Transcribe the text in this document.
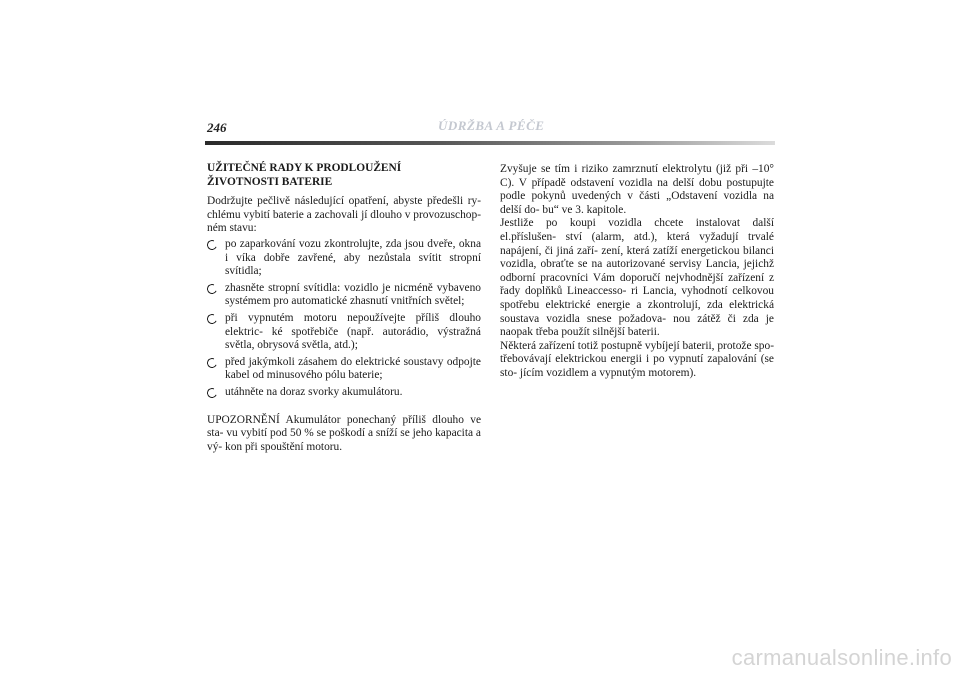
246	ÚDRŽBA A PÉČE
UŽITEČNÉ RADY K PRODLOUŽENÍ
ŽIVOTNOSTI BATERIE

Dodržujte pečlivě následující opatření, abyste předešli ry- chlému vybití baterie a zachovali jí dlouho v provozuschop- ném stavu:

po zaparkování vozu zkontrolujte, zda jsou dveře, okna i víka dobře zavřené, aby nezůstala svítit stropní svítidla;
zhasněte stropní svítidla: vozidlo je nicméně vybaveno systémem pro automatické zhasnutí vnitřních světel;
při vypnutém motoru nepoužívejte příliš dlouho elektric- ké spotřebiče (např. autorádio, výstražná světla, obrysová světla, atd.);
před jakýmkoli zásahem do elektrické soustavy odpojte kabel od minusového pólu baterie;
utáhněte na doraz svorky akumulátoru.

UPOZORNĚNÍ Akumulátor ponechaný příliš dlouho ve sta- vu vybití pod 50 % se poškodí a sníží se jeho kapacita a vý- kon při spouštění motoru.

Zvyšuje se tím i riziko zamrznutí elektrolytu (již při –10° C). V případě odstavení vozidla na delší dobu postupujte podle pokynů uvedených v části „Odstavení vozidla na delší do- bu“ ve 3. kapitole.

Jestliže po koupi vozidla chcete instalovat další el.příslušen- ství (alarm, atd.), která vyžadují trvalé napájení, či jiná zaří- zení, která zatíží energetickou bilanci vozidla, obraťte se na autorizované servisy Lancia, jejichž odborní pracovníci Vám doporučí nejvhodnější zařízení z řady doplňků Lineaccesso- ri Lancia, vyhodnotí celkovou spotřebu elektrické energie a zkontrolují, zda elektrická soustava vozidla snese požadova- nou zátěž či zda je naopak třeba použít silnější baterii.

Některá zařízení totiž postupně vybíjejí baterii, protože spo- třebovávají elektrickou energii i po vypnutí zapalování (se sto- jícím vozidlem a vypnutým motorem).

carmanualsonline.info
